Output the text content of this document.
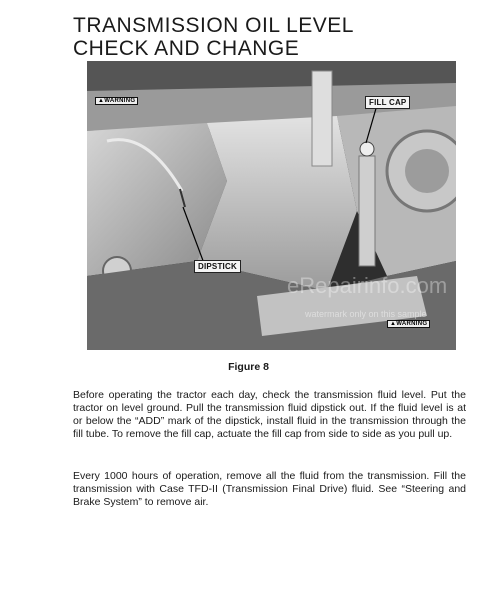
TRANSMISSION OIL LEVEL
CHECK AND CHANGE
FILL CAP
DIPSTICK
▲WARNING
▲WARNING
eRepairinfo.com
watermark only on this sample
Figure 8

Before operating the tractor each day, check the transmission fluid level. Put the tractor on level ground. Pull the transmission fluid dipstick out. If the fluid level is at or below the “ADD” mark of the dipstick, install fluid in the transmission through the fill tube. To remove the fill cap, actuate the fill cap from side to side as you pull up.

Every 1000 hours of operation, remove all the fluid from the transmission. Fill the transmission with Case TFD-II (Transmission Final Drive) fluid. See “Steering and Brake System” to remove air.
